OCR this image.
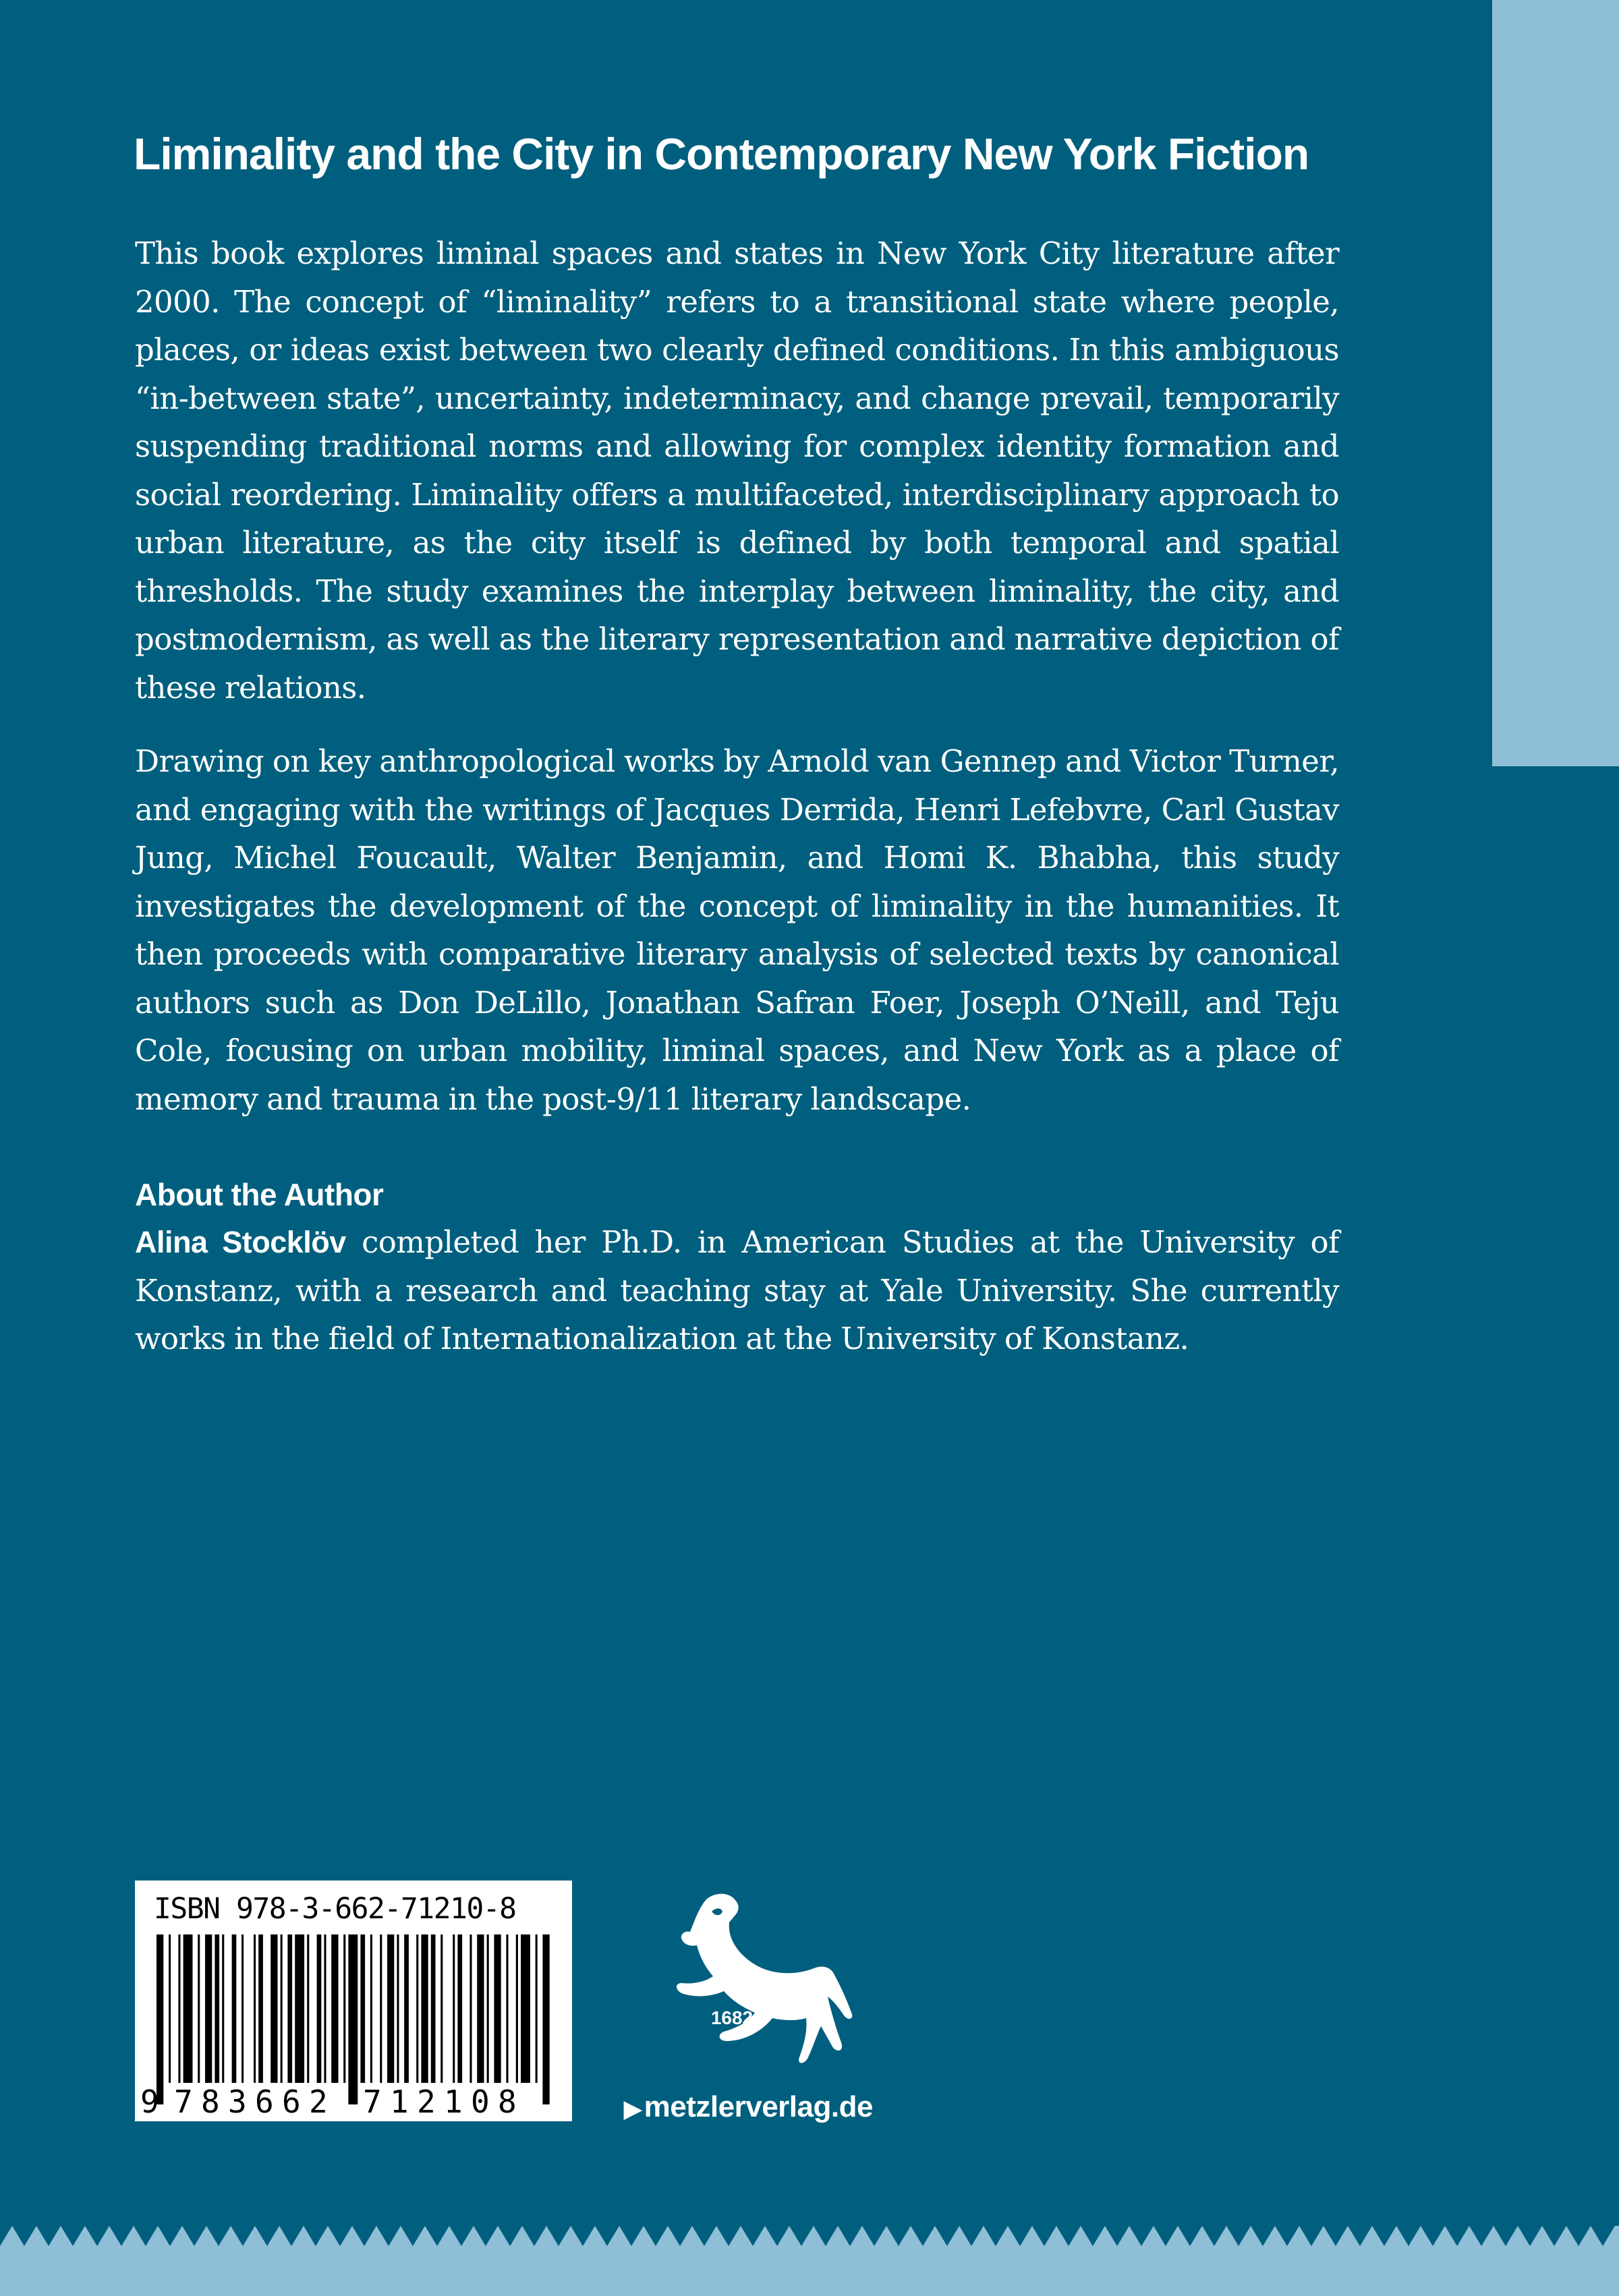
Liminality and the City in Contemporary New York Fiction

This book explores liminal spaces and states in New York City literature after 2000. The concept of “liminality” refers to a transitional state where people, places, or ideas exist between two clearly defined conditions. In this ambiguous “in-between state”, uncertainty, indeterminacy, and change prevail, temporarily suspending traditional norms and allowing for complex identity formation and social reordering. Liminality offers a multifaceted, interdisciplinary approach to urban literature, as the city itself is defined by both temporal and spatial thresholds. The study examines the interplay between liminality, the city, and postmodernism, as well as the literary representation and narrative depiction of these relations.

Drawing on key anthropological works by Arnold van Gennep and Victor Turner, and engaging with the writings of Jacques Derrida, Henri Lefebvre, Carl Gustav Jung, Michel Foucault, Walter Benjamin, and Homi K. Bhabha, this study investigates the development of the concept of liminality in the humanities. It then proceeds with comparative literary analysis of selected texts by canonical authors such as Don DeLillo, Jonathan Safran Foer, Joseph O’Neill, and Teju Cole, focusing on urban mobility, liminal spaces, and New York as a place of memory and trauma in the post-9/11 literary landscape.

About the Author

Alina Stocklöv completed her Ph.D. in American Studies at the University of Konstanz, with a research and teaching stay at Yale University. She currently works in the field of Internationalization at the University of Konstanz.

9 7 8 3 6 6 2 7 1 2 1 0 8
ISBN 978-3-662-71210-8
1682
▶metzlerverlag.de
